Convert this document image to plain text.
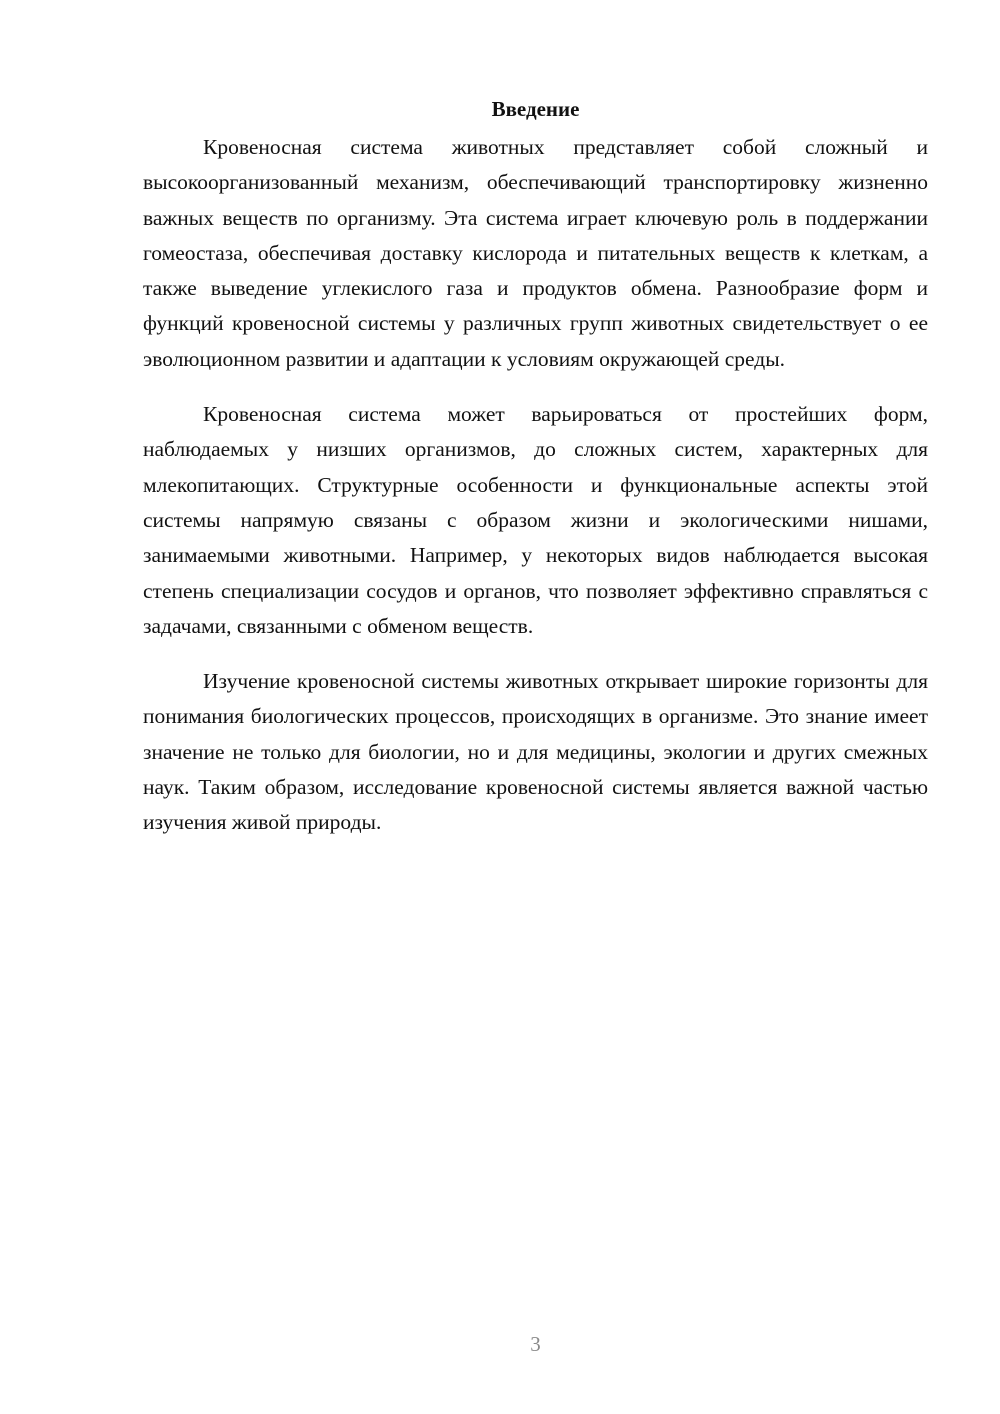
Введение

Кровеносная система животных представляет собой сложный и высокоорганизованный механизм, обеспечивающий транспортировку жизненно важных веществ по организму. Эта система играет ключевую роль в поддержании гомеостаза, обеспечивая доставку кислорода и питательных веществ к клеткам, а также выведение углекислого газа и продуктов обмена. Разнообразие форм и функций кровеносной системы у различных групп животных свидетельствует о ее эволюционном развитии и адаптации к условиям окружающей среды.

Кровеносная система может варьироваться от простейших форм, наблюдаемых у низших организмов, до сложных систем, характерных для млекопитающих. Структурные особенности и функциональные аспекты этой системы напрямую связаны с образом жизни и экологическими нишами, занимаемыми животными. Например, у некоторых видов наблюдается высокая степень специализации сосудов и органов, что позволяет эффективно справляться с задачами, связанными с обменом веществ.

Изучение кровеносной системы животных открывает широкие горизонты для понимания биологических процессов, происходящих в организме. Это знание имеет значение не только для биологии, но и для медицины, экологии и других смежных наук. Таким образом, исследование кровеносной системы является важной частью изучения живой природы.

3
